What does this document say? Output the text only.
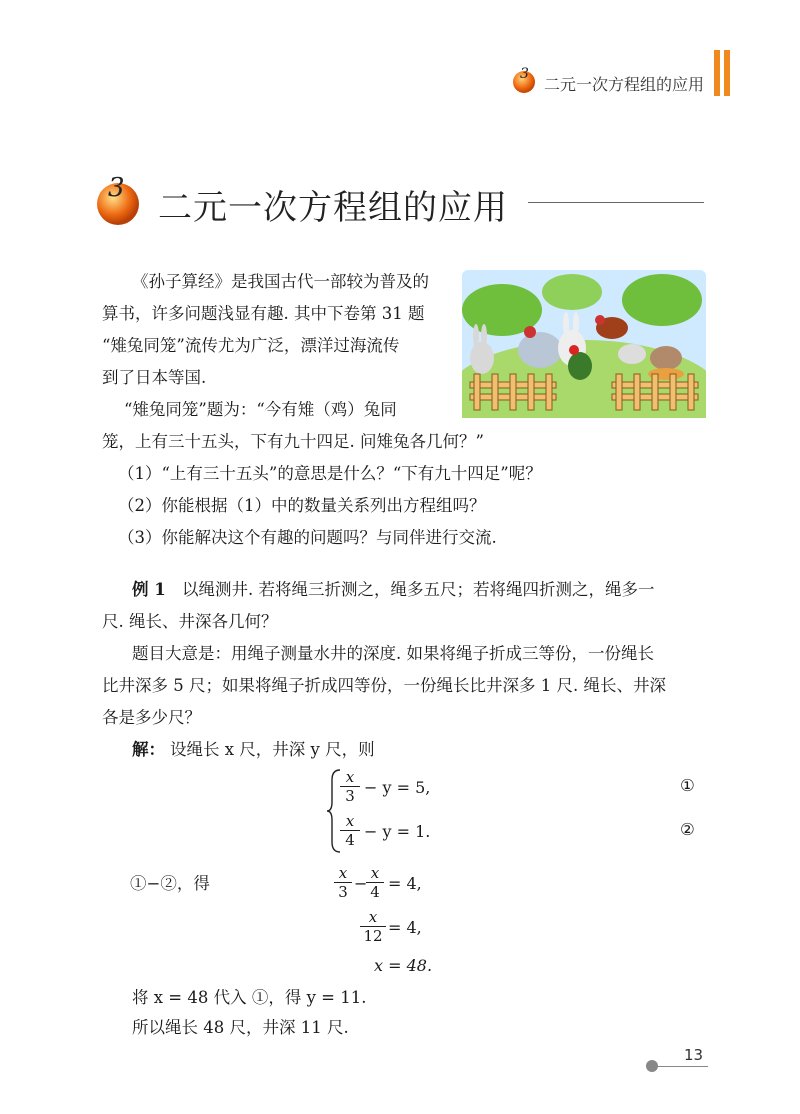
3
二元一次方程组的应用
3 二元一次方程组的应用
《孙子算经》是我国古代一部较为普及的
算书，许多问题浅显有趣. 其中下卷第 31 题
“雉兔同笼”流传尤为广泛，漂洋过海流传
到了日本等国.
“雉兔同笼”题为：“今有雉（鸡）兔同
笼，上有三十五头，下有九十四足. 问雉兔各几何？”
（1）“上有三十五头”的意思是什么？“下有九十四足”呢？
（2）你能根据（1）中的数量关系列出方程组吗？
（3）你能解决这个有趣的问题吗？与同伴进行交流.
例 1 以绳测井. 若将绳三折测之，绳多五尺；若将绳四折测之，绳多一
尺. 绳长、井深各几何？
题目大意是：用绳子测量水井的深度. 如果将绳子折成三等份，一份绳长
比井深多 5 尺；如果将绳子折成四等份，一份绳长比井深多 1 尺. 绳长、井深
各是多少尺？
解： 设绳长 x 尺，井深 y 尺，则
$\frac{x}{3} - y = 5$,	①
$\frac{x}{4} - y = 1$.	②
①−②，得	$\frac{x}{3}$ −
$\frac{x}{4} = 4$,
$\frac{x}{12} = 4$,
x = 48.
将 x = 48 代入 ①，得 y = 11.
所以绳长 48 尺，井深 11 尺.
13
